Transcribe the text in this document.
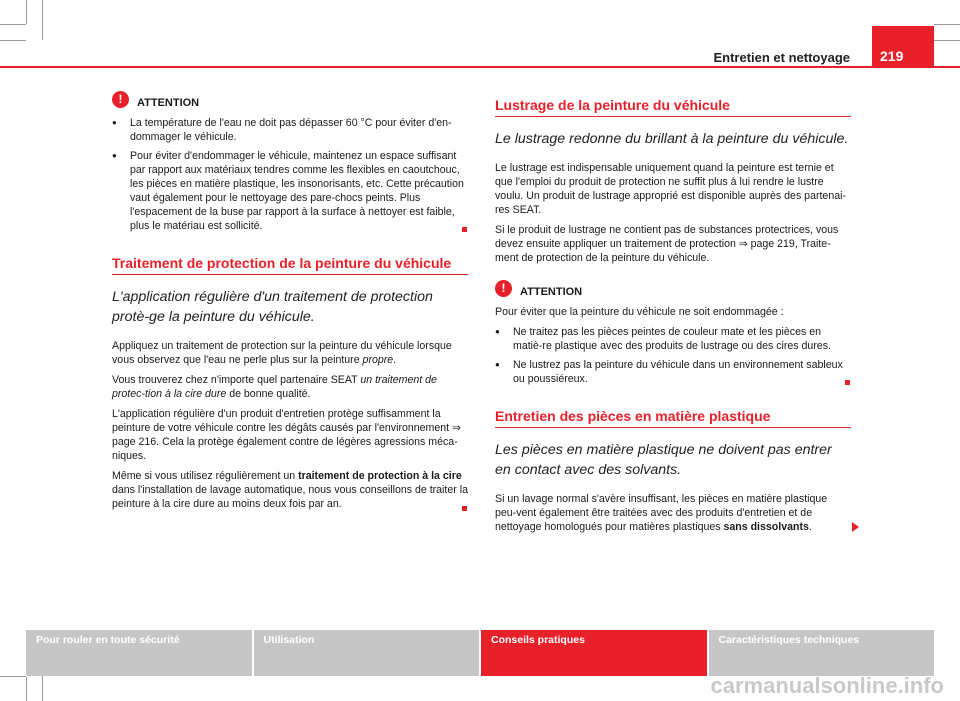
Entretien et nettoyage 219
!	ATTENTION
● La température de l'eau ne doit pas dépasser 60 °C pour éviter d'en-dommager le véhicule.
● Pour éviter d'endommager le véhicule, maintenez un espace suffisant par rapport aux matériaux tendres comme les flexibles en caoutchouc, les pièces en matière plastique, les insonorisants, etc. Cette précaution vaut également pour le nettoyage des pare-chocs peints. Plus l'espacement de la buse par rapport à la surface à nettoyer est faible, plus le matériau est sollicité.
Traitement de protection de la peinture du véhicule
L'application régulière d'un traitement de protection protè-ge la peinture du véhicule.

Appliquez un traitement de protection sur la peinture du véhicule lorsque vous observez que l'eau ne perle plus sur la peinture propre.

Vous trouverez chez n'importe quel partenaire SEAT un traitement de protec-tion à la cire dure de bonne qualité.

L'application régulière d'un produit d'entretien protège suffisamment la peinture de votre véhicule contre les dégâts causés par l'environnement ⇒ page 216. Cela la protège également contre de légères agressions méca-niques.

Même si vous utilisez régulièrement un traitement de protection à la cire dans l'installation de lavage automatique, nous vous conseillons de traiter la peinture à la cire dure au moins deux fois par an.

Lustrage de la peinture du véhicule
Le lustrage redonne du brillant à la peinture du véhicule.

Le lustrage est indispensable uniquement quand la peinture est ternie et que l'emploi du produit de protection ne suffit plus à lui rendre le lustre voulu. Un produit de lustrage approprié est disponible auprès des partenai-res SEAT.

Si le produit de lustrage ne contient pas de substances protectrices, vous devez ensuite appliquer un traitement de protection ⇒ page 219, Traite-ment de protection de la peinture du véhicule.

!	ATTENTION

Pour éviter que la peinture du véhicule ne soit endommagée :

● Ne traitez pas les pièces peintes de couleur mate et les pièces en matiè-re plastique avec des produits de lustrage ou des cires dures.
● Ne lustrez pas la peinture du véhicule dans un environnement sableux ou poussiéreux.
Entretien des pièces en matière plastique
Les pièces en matière plastique ne doivent pas entrer en contact avec des solvants.

Si un lavage normal s'avère insuffisant, les pièces en matière plastique peu-vent également être traitées avec des produits d'entretien et de nettoyage homologués pour matières plastiques sans dissolvants.

Pour rouler en toute sécurité	Utilisation	Conseils pratiques	Caractéristiques techniques
carmanualsonline.info
